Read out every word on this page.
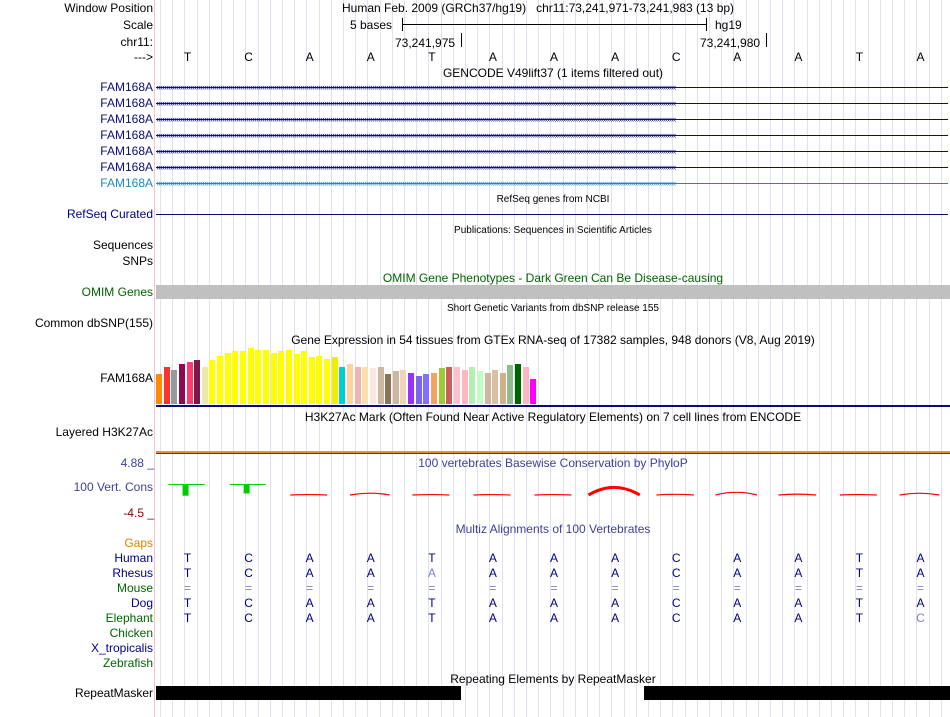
Window Position	Human Feb. 2009 (GRCh37/hg19)   chr11:73,241,971-73,241,983 (13 bp)
Scale	5 bases	hg19
chr11:	73,241,975	73,241,980
--->	T	C	A	A	T	A	A	A	C	A	A	T	A
GENCODE V49lift37 (1 items filtered out)
FAM168A ‹‹‹‹‹‹‹‹‹‹‹‹‹‹‹‹‹‹‹‹‹‹‹‹‹‹‹‹‹‹‹‹‹‹‹‹‹‹‹‹‹‹‹‹‹‹‹‹‹‹‹‹‹‹‹‹‹‹‹‹‹‹‹‹‹‹‹‹‹‹‹‹‹‹‹‹‹‹‹‹‹‹‹‹‹‹‹‹‹‹‹‹‹‹‹‹‹‹‹‹‹‹‹‹‹‹‹‹‹‹‹‹‹‹‹‹‹‹‹‹‹‹‹‹‹‹‹‹‹‹‹‹‹‹‹‹‹‹‹‹‹‹‹‹‹‹‹‹‹‹‹‹‹‹‹‹‹‹‹‹‹‹‹‹‹‹‹‹‹‹‹‹‹‹‹‹‹‹‹‹‹‹‹‹‹‹‹‹‹‹‹‹‹‹‹‹‹‹‹‹‹‹‹‹‹‹‹‹‹‹‹‹‹‹‹‹‹‹‹‹‹‹‹‹‹‹‹‹‹‹‹‹‹‹‹‹‹‹‹‹‹‹‹‹‹‹‹‹‹‹‹‹‹‹‹‹‹‹‹‹
FAM168A ‹‹‹‹‹‹‹‹‹‹‹‹‹‹‹‹‹‹‹‹‹‹‹‹‹‹‹‹‹‹‹‹‹‹‹‹‹‹‹‹‹‹‹‹‹‹‹‹‹‹‹‹‹‹‹‹‹‹‹‹‹‹‹‹‹‹‹‹‹‹‹‹‹‹‹‹‹‹‹‹‹‹‹‹‹‹‹‹‹‹‹‹‹‹‹‹‹‹‹‹‹‹‹‹‹‹‹‹‹‹‹‹‹‹‹‹‹‹‹‹‹‹‹‹‹‹‹‹‹‹‹‹‹‹‹‹‹‹‹‹‹‹‹‹‹‹‹‹‹‹‹‹‹‹‹‹‹‹‹‹‹‹‹‹‹‹‹‹‹‹‹‹‹‹‹‹‹‹‹‹‹‹‹‹‹‹‹‹‹‹‹‹‹‹‹‹‹‹‹‹‹‹‹‹‹‹‹‹‹‹‹‹‹‹‹‹‹‹‹‹‹‹‹‹‹‹‹‹‹‹‹‹‹‹‹‹‹‹‹‹‹‹‹‹‹‹‹‹‹‹‹‹‹‹‹‹‹‹‹‹
FAM168A ‹‹‹‹‹‹‹‹‹‹‹‹‹‹‹‹‹‹‹‹‹‹‹‹‹‹‹‹‹‹‹‹‹‹‹‹‹‹‹‹‹‹‹‹‹‹‹‹‹‹‹‹‹‹‹‹‹‹‹‹‹‹‹‹‹‹‹‹‹‹‹‹‹‹‹‹‹‹‹‹‹‹‹‹‹‹‹‹‹‹‹‹‹‹‹‹‹‹‹‹‹‹‹‹‹‹‹‹‹‹‹‹‹‹‹‹‹‹‹‹‹‹‹‹‹‹‹‹‹‹‹‹‹‹‹‹‹‹‹‹‹‹‹‹‹‹‹‹‹‹‹‹‹‹‹‹‹‹‹‹‹‹‹‹‹‹‹‹‹‹‹‹‹‹‹‹‹‹‹‹‹‹‹‹‹‹‹‹‹‹‹‹‹‹‹‹‹‹‹‹‹‹‹‹‹‹‹‹‹‹‹‹‹‹‹‹‹‹‹‹‹‹‹‹‹‹‹‹‹‹‹‹‹‹‹‹‹‹‹‹‹‹‹‹‹‹‹‹‹‹‹‹‹‹‹‹‹‹‹‹
FAM168A ‹‹‹‹‹‹‹‹‹‹‹‹‹‹‹‹‹‹‹‹‹‹‹‹‹‹‹‹‹‹‹‹‹‹‹‹‹‹‹‹‹‹‹‹‹‹‹‹‹‹‹‹‹‹‹‹‹‹‹‹‹‹‹‹‹‹‹‹‹‹‹‹‹‹‹‹‹‹‹‹‹‹‹‹‹‹‹‹‹‹‹‹‹‹‹‹‹‹‹‹‹‹‹‹‹‹‹‹‹‹‹‹‹‹‹‹‹‹‹‹‹‹‹‹‹‹‹‹‹‹‹‹‹‹‹‹‹‹‹‹‹‹‹‹‹‹‹‹‹‹‹‹‹‹‹‹‹‹‹‹‹‹‹‹‹‹‹‹‹‹‹‹‹‹‹‹‹‹‹‹‹‹‹‹‹‹‹‹‹‹‹‹‹‹‹‹‹‹‹‹‹‹‹‹‹‹‹‹‹‹‹‹‹‹‹‹‹‹‹‹‹‹‹‹‹‹‹‹‹‹‹‹‹‹‹‹‹‹‹‹‹‹‹‹‹‹‹‹‹‹‹‹‹‹‹‹‹‹‹‹
FAM168A ‹‹‹‹‹‹‹‹‹‹‹‹‹‹‹‹‹‹‹‹‹‹‹‹‹‹‹‹‹‹‹‹‹‹‹‹‹‹‹‹‹‹‹‹‹‹‹‹‹‹‹‹‹‹‹‹‹‹‹‹‹‹‹‹‹‹‹‹‹‹‹‹‹‹‹‹‹‹‹‹‹‹‹‹‹‹‹‹‹‹‹‹‹‹‹‹‹‹‹‹‹‹‹‹‹‹‹‹‹‹‹‹‹‹‹‹‹‹‹‹‹‹‹‹‹‹‹‹‹‹‹‹‹‹‹‹‹‹‹‹‹‹‹‹‹‹‹‹‹‹‹‹‹‹‹‹‹‹‹‹‹‹‹‹‹‹‹‹‹‹‹‹‹‹‹‹‹‹‹‹‹‹‹‹‹‹‹‹‹‹‹‹‹‹‹‹‹‹‹‹‹‹‹‹‹‹‹‹‹‹‹‹‹‹‹‹‹‹‹‹‹‹‹‹‹‹‹‹‹‹‹‹‹‹‹‹‹‹‹‹‹‹‹‹‹‹‹‹‹‹‹‹‹‹‹‹‹‹‹‹
FAM168A ‹‹‹‹‹‹‹‹‹‹‹‹‹‹‹‹‹‹‹‹‹‹‹‹‹‹‹‹‹‹‹‹‹‹‹‹‹‹‹‹‹‹‹‹‹‹‹‹‹‹‹‹‹‹‹‹‹‹‹‹‹‹‹‹‹‹‹‹‹‹‹‹‹‹‹‹‹‹‹‹‹‹‹‹‹‹‹‹‹‹‹‹‹‹‹‹‹‹‹‹‹‹‹‹‹‹‹‹‹‹‹‹‹‹‹‹‹‹‹‹‹‹‹‹‹‹‹‹‹‹‹‹‹‹‹‹‹‹‹‹‹‹‹‹‹‹‹‹‹‹‹‹‹‹‹‹‹‹‹‹‹‹‹‹‹‹‹‹‹‹‹‹‹‹‹‹‹‹‹‹‹‹‹‹‹‹‹‹‹‹‹‹‹‹‹‹‹‹‹‹‹‹‹‹‹‹‹‹‹‹‹‹‹‹‹‹‹‹‹‹‹‹‹‹‹‹‹‹‹‹‹‹‹‹‹‹‹‹‹‹‹‹‹‹‹‹‹‹‹‹‹‹‹‹‹‹‹‹‹‹
FAM168A ‹‹‹‹‹‹‹‹‹‹‹‹‹‹‹‹‹‹‹‹‹‹‹‹‹‹‹‹‹‹‹‹‹‹‹‹‹‹‹‹‹‹‹‹‹‹‹‹‹‹‹‹‹‹‹‹‹‹‹‹‹‹‹‹‹‹‹‹‹‹‹‹‹‹‹‹‹‹‹‹‹‹‹‹‹‹‹‹‹‹‹‹‹‹‹‹‹‹‹‹‹‹‹‹‹‹‹‹‹‹‹‹‹‹‹‹‹‹‹‹‹‹‹‹‹‹‹‹‹‹‹‹‹‹‹‹‹‹‹‹‹‹‹‹‹‹‹‹‹‹‹‹‹‹‹‹‹‹‹‹‹‹‹‹‹‹‹‹‹‹‹‹‹‹‹‹‹‹‹‹‹‹‹‹‹‹‹‹‹‹‹‹‹‹‹‹‹‹‹‹‹‹‹‹‹‹‹‹‹‹‹‹‹‹‹‹‹‹‹‹‹‹‹‹‹‹‹‹‹‹‹‹‹‹‹‹‹‹‹‹‹‹‹‹‹‹‹‹‹‹‹‹‹‹‹‹‹‹‹‹
RefSeq genes from NCBI
RefSeq Curated
Publications: Sequences in Scientific Articles
Sequences
SNPs
OMIM Gene Phenotypes - Dark Green Can Be Disease-causing
OMIM Genes
Short Genetic Variants from dbSNP release 155
Common dbSNP(155)
Gene Expression in 54 tissues from GTEx RNA-seq of 17382 samples, 948 donors (V8, Aug 2019)
FAM168A
H3K27Ac Mark (Often Found Near Active Regulatory Elements) on 7 cell lines from ENCODE
Layered H3K27Ac
100 vertebrates Basewise Conservation by PhyloP
4.88 _
100 Vert. Cons
-4.5 _
Multiz Alignments of 100 Vertebrates
Gaps
Human	T	C	A	A	T	A	A	A	C	A	A	T	A
Rhesus	T	C	A	A	A	A	A	A	C	A	A	T	A
Mouse	=	=	=	=	=	=	=	=	=	=	=	=	=
Dog	T	C	A	A	T	A	A	A	C	A	A	T	A
Elephant	T	C	A	A	T	A	A	A	C	A	A	T	C
Chicken
X_tropicalis
Zebrafish
Repeating Elements by RepeatMasker
RepeatMasker
